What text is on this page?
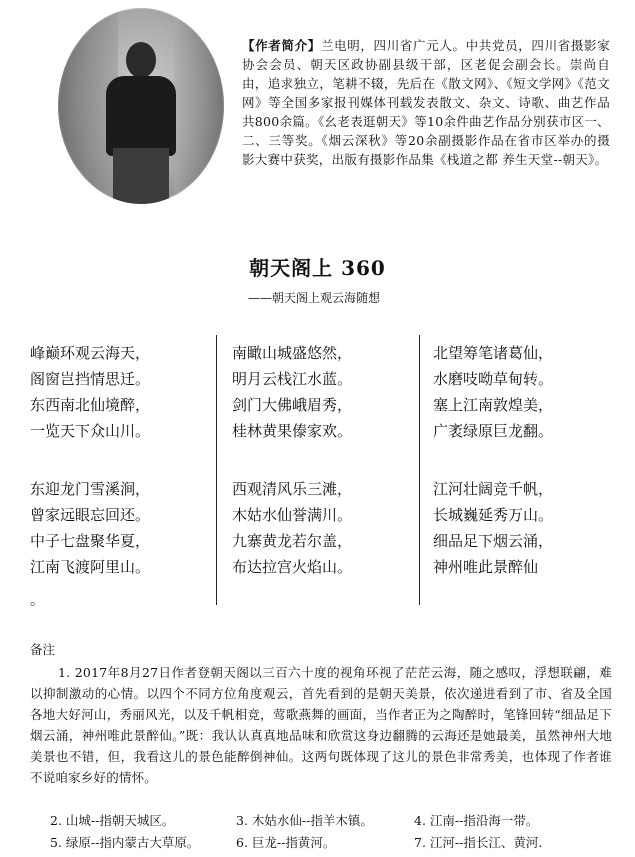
【作者简介】兰电明，四川省广元人。中共党员，四川省摄影家协会会员、朝天区政协副县级干部，区老促会副会长。崇尚自由，追求独立，笔耕不辍，先后在《散文网》、《短文学网》《范文网》等全国多家报刊媒体刊载发表散文、杂文、诗歌、曲艺作品共800余篇。《幺老表逛朝天》等10余件曲艺作品分别获市区一、二、三等奖。《烟云深秋》等20余副摄影作品在省市区举办的摄影大赛中获奖，出版有摄影作品集《栈道之都 养生天堂--朝天》。
朝天阁上 360
——朝天阁上观云海随想
峰巅环观云海天，
阁窗岂挡情思迁。
东西南北仙境醉，
一览天下众山川。
东迎龙门雪溪涧，
曾家远眼忘回还。
中子七盘聚华夏，
江南飞渡阿里山。
南瞰山城盛悠然，
明月云栈江水蓝。
剑门大佛峨眉秀，
桂林黄果傣家欢。
西观清风乐三滩，
木姑水仙誉满川。
九寨黄龙若尔盖，
布达拉宫火焰山。
北望筹笔诸葛仙，
水磨吱呦草甸转。
塞上江南敦煌美，
广袤绿原巨龙翻。
江河壮阔竞千帆，
长城巍延秀万山。
细品足下烟云涌，
神州唯此景醉仙
。
备注
1. 2017年8月27日作者登朝天阁以三百六十度的视角环视了茫茫云海，随之感叹，浮想联翩，难以抑制激动的心情。以四个不同方位角度观云，首先看到的是朝天美景，依次递进看到了市、省及全国各地大好河山，秀丽风光，以及千帆相竞，莺歌燕舞的画面，当作者正为之陶醉时，笔锋回转“细品足下烟云涌，神州唯此景醉仙。”既：我认认真真地品味和欣赏这身边翻腾的云海还是她最美，虽然神州大地美景也不错，但，我看这儿的景色能醉倒神仙。这两句既体现了这儿的景色非常秀美，也体现了作者谁不说咱家乡好的情怀。
2. 山城--指朝天城区。	3. 木姑水仙--指羊木镇。	4. 江南--指沿海一带。
5. 绿原--指内蒙古大草原。	6. 巨龙--指黄河。	7. 江河--指长江、黄河.
